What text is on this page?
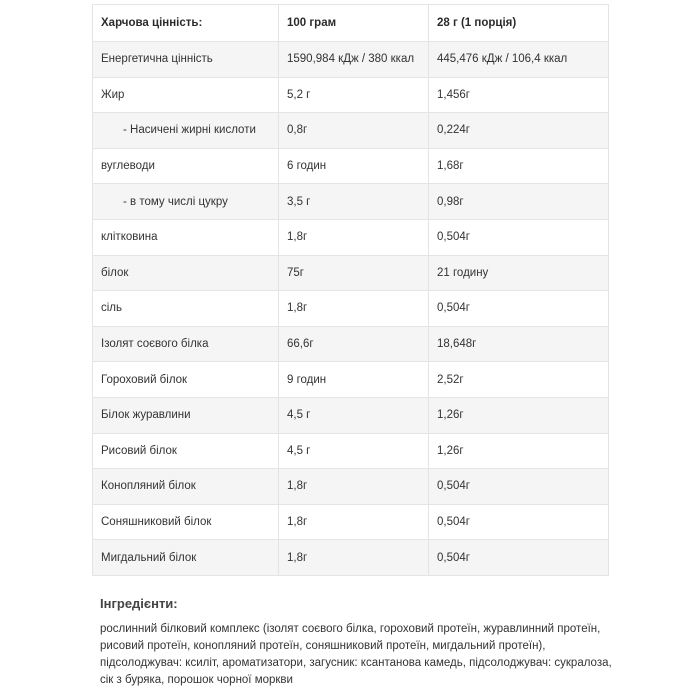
Харчова цінність:	100 грам	28 г (1 порція)
Енергетична цінність	1590,984 кДж / 380 ккал	445,476 кДж / 106,4 ккал
Жир	5,2 г	1,456г
- Насичені жирні кислоти	0,8г	0,224г
вуглеводи	6 годин	1,68г
- в тому числі цукру	3,5 г	0,98г
клітковина	1,8г	0,504г
білок	75г	21 годину
сіль	1,8г	0,504г
Ізолят соєвого білка	66,6г	18,648г
Гороховий білок	9 годин	2,52г
Білок журавлини	4,5 г	1,26г
Рисовий білок	4,5 г	1,26г
Конопляний білок	1,8г	0,504г
Соняшниковий білок	1,8г	0,504г
Мигдальний білок	1,8г	0,504г
Інгредієнти:

рослинний білковий комплекс (ізолят соєвого білка, гороховий протеїн, журавлинний протеїн, рисовий протеїн, конопляний протеїн, соняшниковий протеїн, мигдальний протеїн), підсолоджувач: ксиліт, ароматизатори, загусник: ксантанова камедь, підсолоджувач: сукралоза, сік з буряка, порошок чорної моркви
